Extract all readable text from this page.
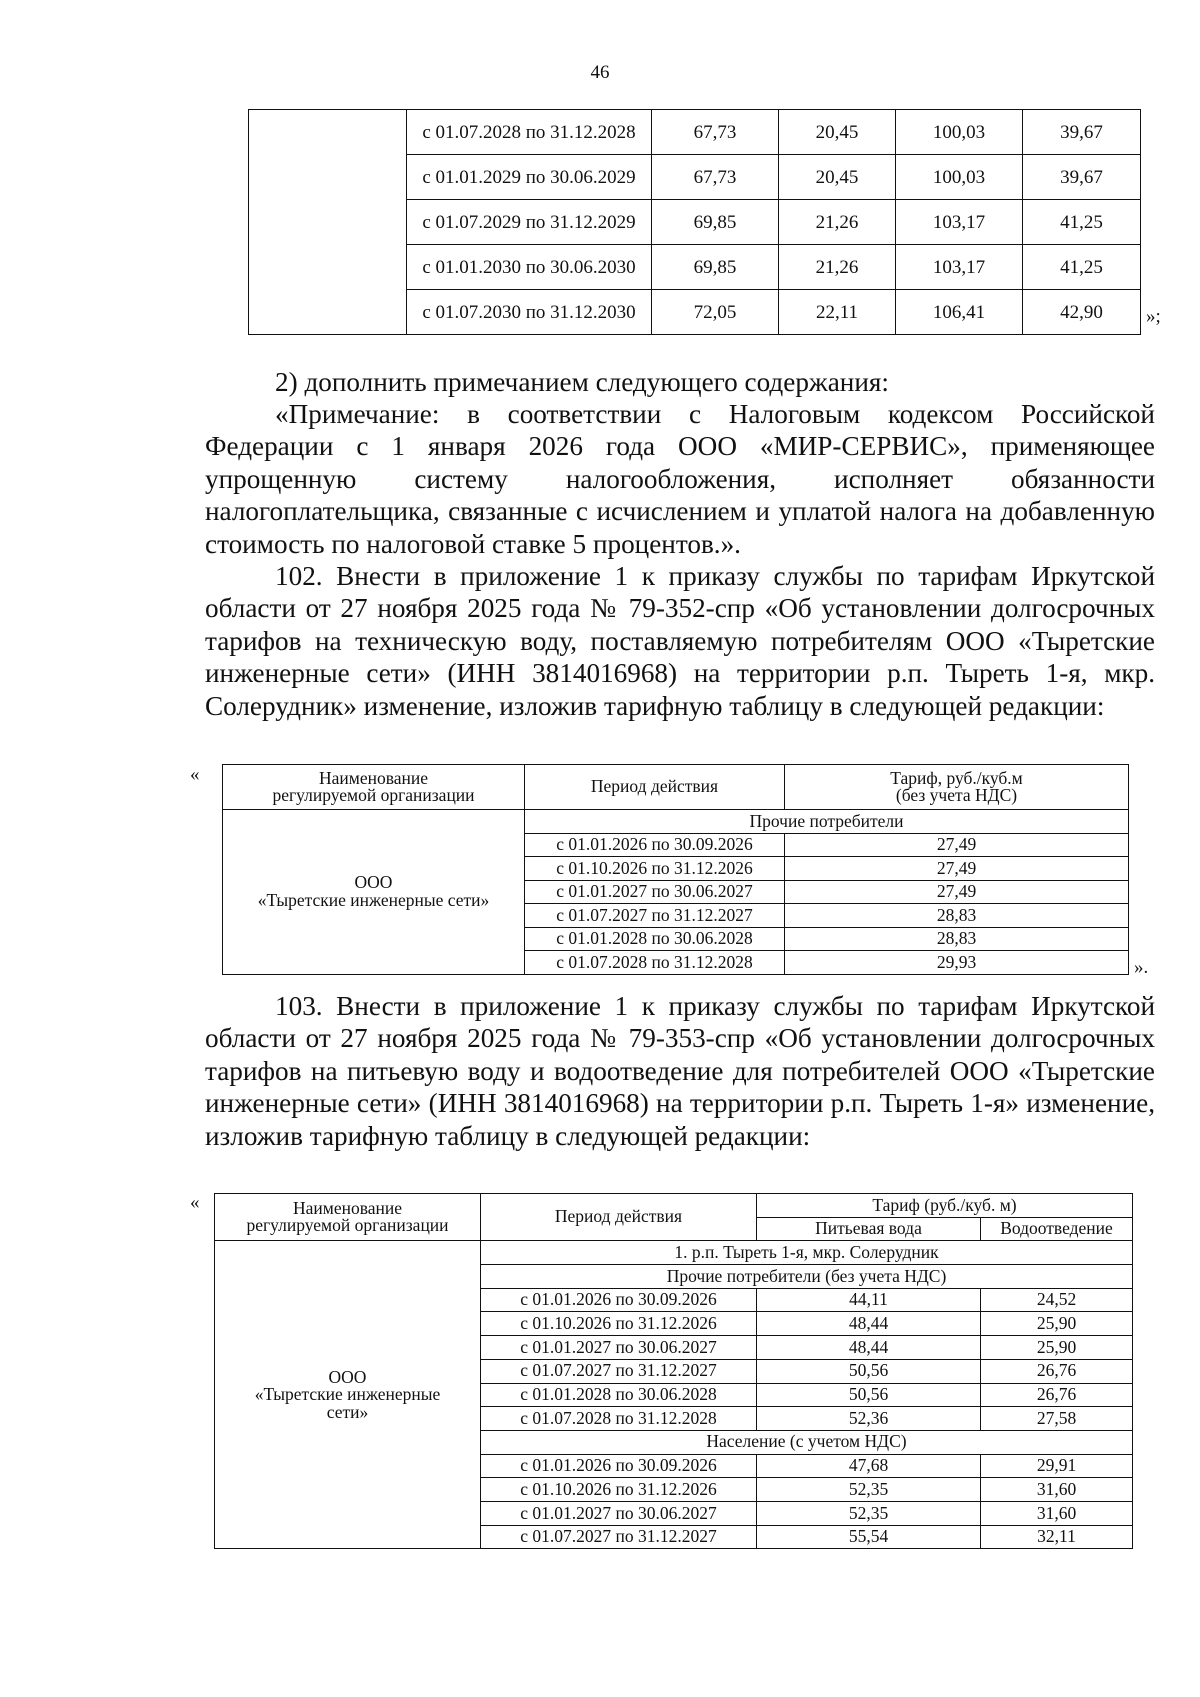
46
	с 01.07.2028 по 31.12.2028	67,73	20,45	100,03	39,67
	с 01.01.2029 по 30.06.2029	67,73	20,45	100,03	39,67
	с 01.07.2029 по 31.12.2029	69,85	21,26	103,17	41,25
	с 01.01.2030 по 30.06.2030	69,85	21,26	103,17	41,25
	с 01.07.2030 по 31.12.2030	72,05	22,11	106,41	42,90 »;
2) дополнить примечанием следующего содержания:
«Примечание: в соответствии с Налоговым кодексом Российской Федерации с 1 января 2026 года ООО «МИР-СЕРВИС», применяющее упрощенную систему налогообложения, исполняет обязанности налогоплательщика, связанные с исчислением и уплатой налога на добавленную стоимость по налоговой ставке 5 процентов.».
102. Внести в приложение 1 к приказу службы по тарифам Иркутской области от 27 ноября 2025 года № 79-352-спр «Об установлении долгосрочных тарифов на техническую воду, поставляемую потребителям ООО «Тыретские инженерные сети» (ИНН 3814016968) на территории р.п. Тыреть 1-я, мкр. Солерудник» изменение, изложив тарифную таблицу в следующей редакции:
«	Наименование
регулируемой организации	Период действия	Тариф, руб./куб.м
(без учета НДС)
ООО
«Тыретские инженерные сети»	Прочие потребители	
	с 01.01.2026 по 30.09.2026	27,49
	с 01.10.2026 по 31.12.2026	27,49
	с 01.01.2027 по 30.06.2027	27,49
	с 01.07.2027 по 31.12.2027	28,83
	с 01.01.2028 по 30.06.2028	28,83
	с 01.07.2028 по 31.12.2028	29,93	».
103. Внести в приложение 1 к приказу службы по тарифам Иркутской области от 27 ноября 2025 года № 79-353-спр «Об установлении долгосрочных тарифов на питьевую воду и водоотведение для потребителей ООО «Тыретские инженерные сети» (ИНН 3814016968) на территории р.п. Тыреть 1-я» изменение, изложив тарифную таблицу в следующей редакции:
«	Наименование
регулируемой организации	Период действия	Тариф (руб./куб. м)	
		Питьевая вода	Водоотведение
ООО
«Тыретские инженерные
сети»	1. р.п. Тыреть 1-я, мкр. Солерудник		
	Прочие потребители (без учета НДС)		
	с 01.01.2026 по 30.09.2026	44,11	24,52
	с 01.10.2026 по 31.12.2026	48,44	25,90
	с 01.01.2027 по 30.06.2027	48,44	25,90
	с 01.07.2027 по 31.12.2027	50,56	26,76
	с 01.01.2028 по 30.06.2028	50,56	26,76
	с 01.07.2028 по 31.12.2028	52,36	27,58
	Население (с учетом НДС)		
	с 01.01.2026 по 30.09.2026	47,68	29,91
	с 01.10.2026 по 31.12.2026	52,35	31,60
	с 01.01.2027 по 30.06.2027	52,35	31,60
	с 01.07.2027 по 31.12.2027	55,54	32,11
